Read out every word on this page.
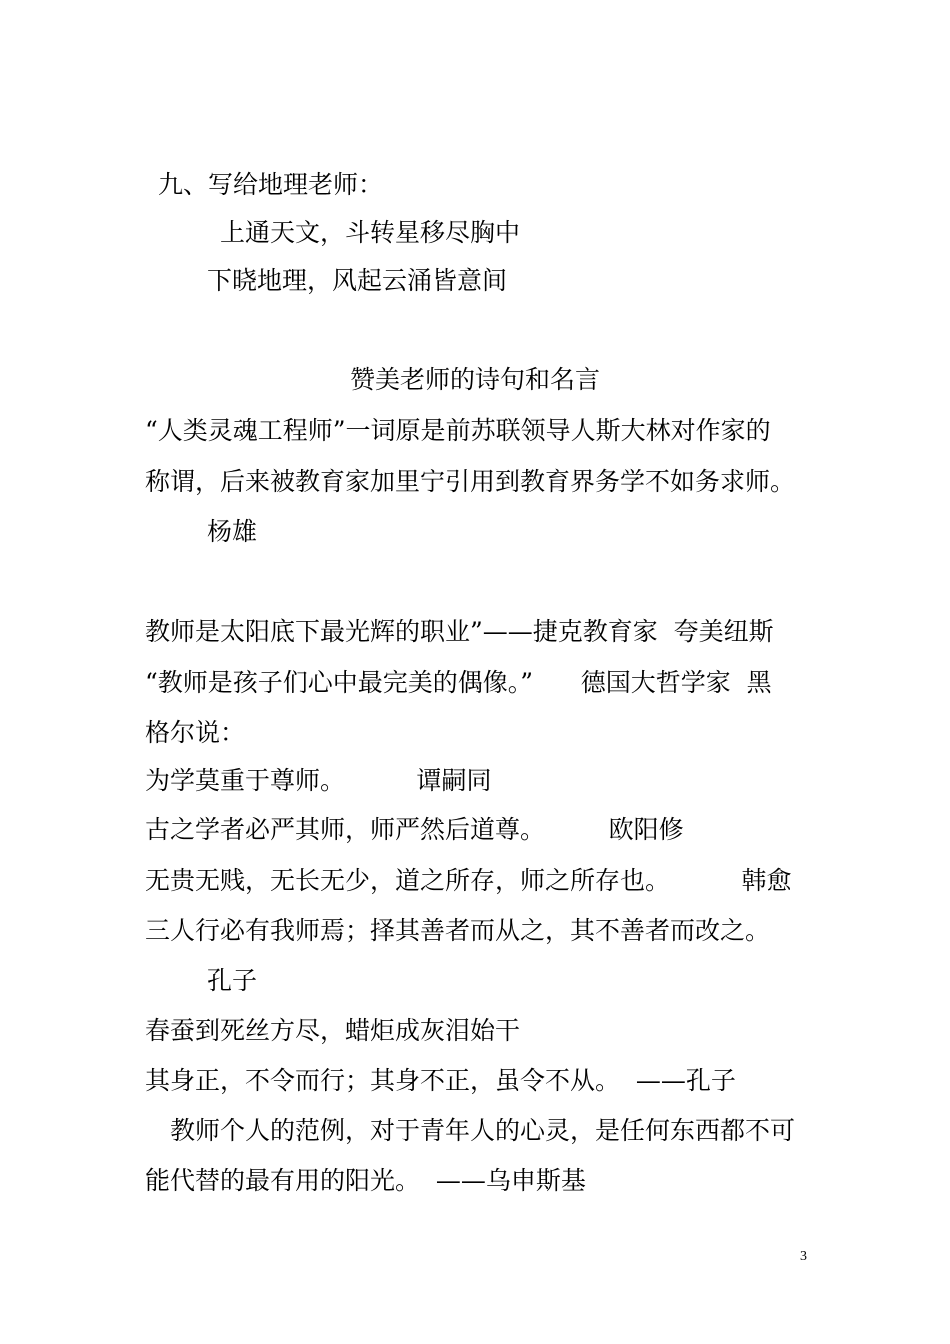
九、写给地理老师：

上通天文，斗转星移尽胸中

下晓地理，风起云涌皆意间

赞美老师的诗句和名言

“人类灵魂工程师”一词原是前苏联领导人斯大林对作家的

称谓，后来被教育家加里宁引用到教育界务学不如务求师。

杨雄

教师是太阳底下最光辉的职业”——捷克教育家  夸美纽斯

“教师是孩子们心中最完美的偶像。”      德国大哲学家  黑

格尔说：

为学莫重于尊师。         谭嗣同

古之学者必严其师，师严然后道尊。        欧阳修

无贵无贱，无长无少，道之所存，师之所存也。         韩愈

三人行必有我师焉；择其善者而从之，其不善者而改之。

孔子

春蚕到死丝方尽，蜡炬成灰泪始干

其身正，不令而行；其身不正，虽令不从。  ——孔子

教师个人的范例，对于青年人的心灵，是任何东西都不可

能代替的最有用的阳光。  ——乌申斯基

3
